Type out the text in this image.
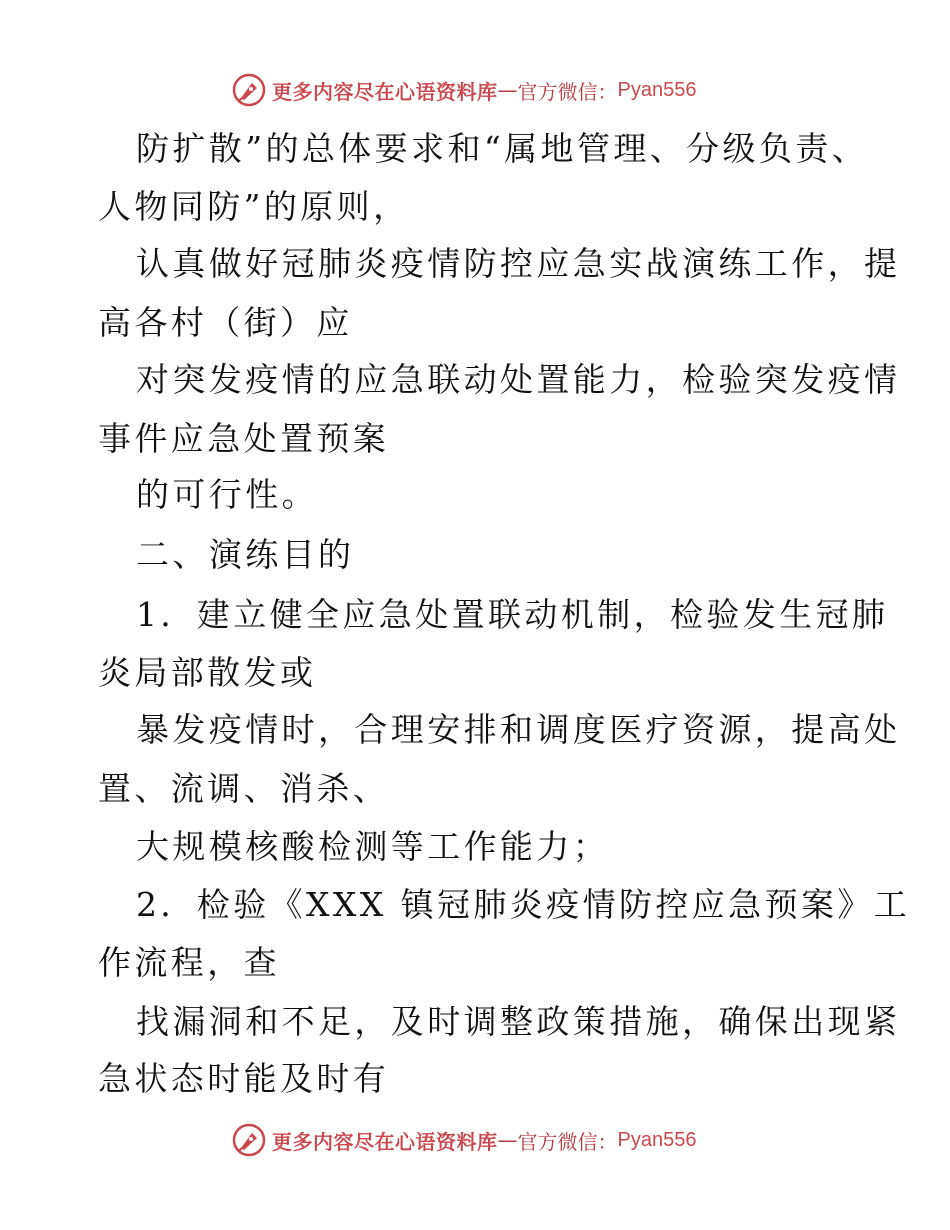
更多内容尽在心语资料库 — 官方微信： Pyan556
防扩散”的总体要求和“属地管理、分级负责、
人物同防”的原则，
认真做好冠肺炎疫情防控应急实战演练工作，提
高各村（街）应
对突发疫情的应急联动处置能力，检验突发疫情
事件应急处置预案
的可行性。
二、演练目的
1．建立健全应急处置联动机制，检验发生冠肺
炎局部散发或
暴发疫情时，合理安排和调度医疗资源，提高处
置、流调、消杀、
大规模核酸检测等工作能力；
2．检验《XXX 镇冠肺炎疫情防控应急预案》工
作流程，查
找漏洞和不足，及时调整政策措施，确保出现紧
急状态时能及时有
更多内容尽在心语资料库 — 官方微信： Pyan556
